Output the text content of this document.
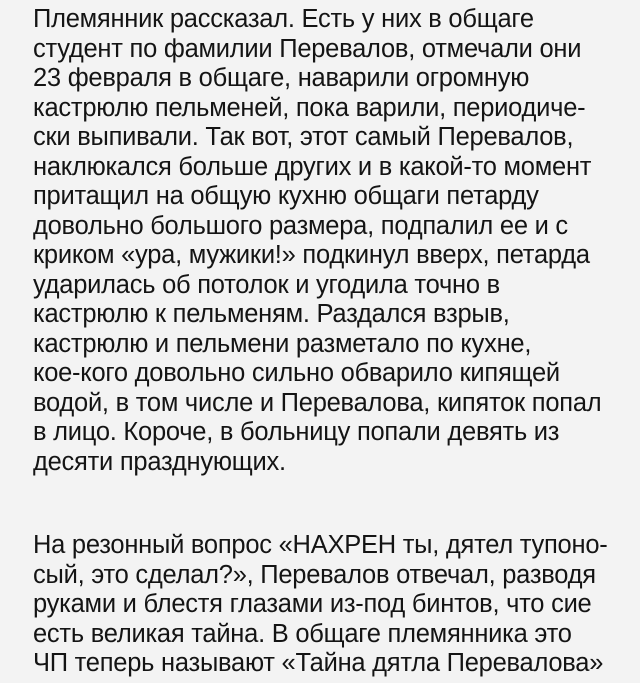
Племянник рассказал. Есть у них в общаге
студент по фамилии Перевалов, отмечали они
23 февраля в общаге, наварили огромную
кастрюлю пельменей, пока варили, периодиче-
ски выпивали. Так вот, этот самый Перевалов,
наклюкался больше других и в какой-то момент
притащил на общую кухню общаги петарду
довольно большого размера, подпалил ее и с
криком «ура, мужики!» подкинул вверх, петарда
ударилась об потолок и угодила точно в
кастрюлю к пельменям. Раздался взрыв,
кастрюлю и пельмени разметало по кухне,
кое-кого довольно сильно обварило кипящей
водой, в том числе и Перевалова, кипяток попал
в лицо. Короче, в больницу попали девять из
десяти празднующих.
На резонный вопрос «НАХРЕН ты, дятел тупоно-
сый, это сделал?», Перевалов отвечал, разводя
руками и блестя глазами из-под бинтов, что сие
есть великая тайна. В общаге племянника это
ЧП теперь называют «Тайна дятла Перевалова»
